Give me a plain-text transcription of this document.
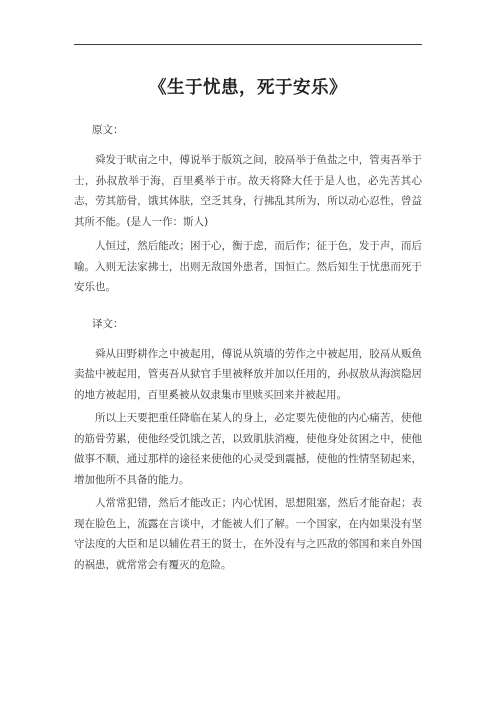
《生于忧患，死于安乐》
原文：

舜发于畎亩之中，傅说举于版筑之间，胶鬲举于鱼盐之中，管夷吾举于士，孙叔敖举于海，百里奚举于市。故天将降大任于是人也，必先苦其心志，劳其筋骨，饿其体肤，空乏其身，行拂乱其所为，所以动心忍性，曾益其所不能。(是人一作：斯人)

人恒过，然后能改；困于心，衡于虑，而后作；征于色，发于声，而后喻。入则无法家拂士，出则无敌国外患者，国恒亡。然后知生于忧患而死于安乐也。

译文：

舜从田野耕作之中被起用，傅说从筑墙的劳作之中被起用，胶鬲从贩鱼卖盐中被起用，管夷吾从狱官手里被释放并加以任用的，孙叔敖从海滨隐居的地方被起用，百里奚被从奴隶集市里赎买回来并被起用。

所以上天要把重任降临在某人的身上，必定要先使他的内心痛苦，使他的筋骨劳累，使他经受饥饿之苦，以致肌肤消瘦，使他身处贫困之中，使他做事不顺，通过那样的途径来使他的心灵受到震撼，使他的性情坚韧起来，增加他所不具备的能力。

人常常犯错，然后才能改正；内心忧困，思想阻塞，然后才能奋起；表现在脸色上，流露在言谈中，才能被人们了解。一个国家，在内如果没有坚守法度的大臣和足以辅佐君王的贤士，在外没有与之匹敌的邻国和来自外国的祸患，就常常会有覆灭的危险。
